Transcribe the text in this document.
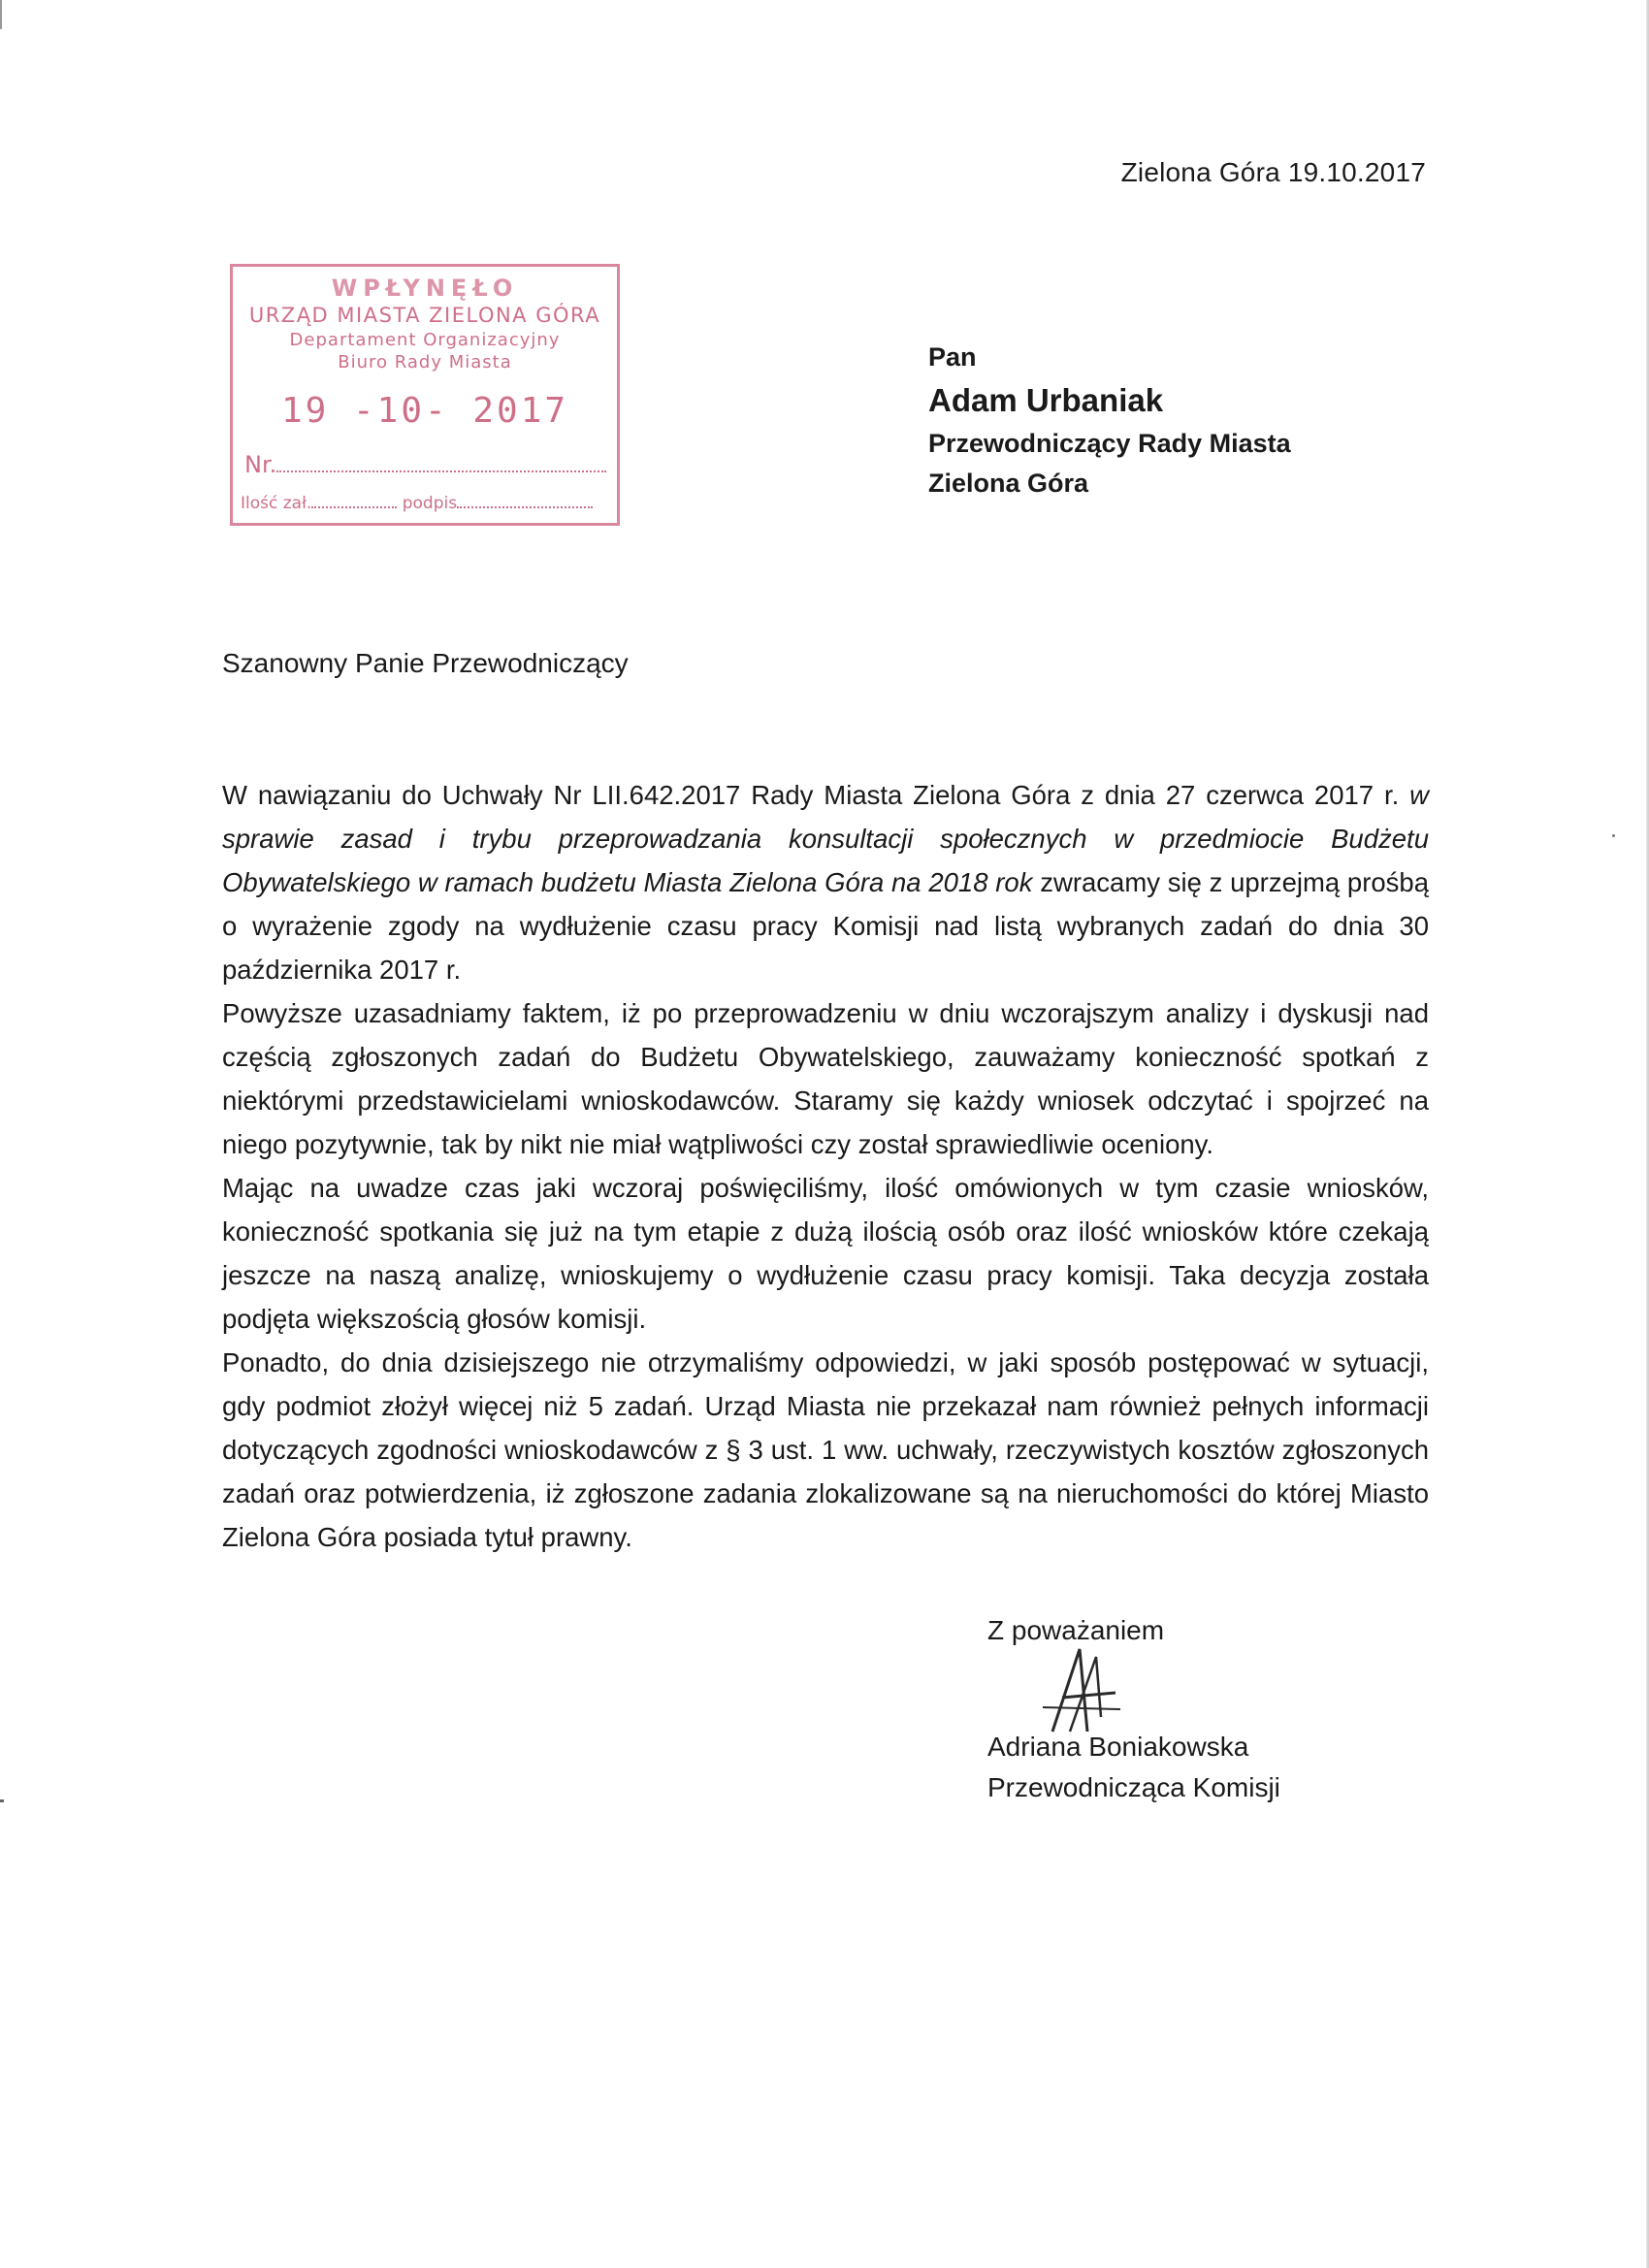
Zielona Góra 19.10.2017
WPŁYNĘŁO
URZĄD MIASTA ZIELONA GÓRA
Departament Organizacyjny
Biuro Rady Miasta
19 -10- 2017
Nr.
Ilość zał.	podpis
Pan
Adam Urbaniak
Przewodniczący Rady Miasta
Zielona Góra
Szanowny Panie Przewodniczący

W nawiązaniu do Uchwały Nr LII.642.2017 Rady Miasta Zielona Góra z dnia 27 czerwca 2017 r. w sprawie zasad i trybu przeprowadzania konsultacji społecznych w przedmiocie Budżetu Obywatelskiego w ramach budżetu Miasta Zielona Góra na 2018 rok zwracamy się z uprzejmą prośbą o wyrażenie zgody na wydłużenie czasu pracy Komisji nad listą wybranych zadań do dnia 30 października 2017 r.

Powyższe uzasadniamy faktem, iż po przeprowadzeniu w dniu wczorajszym analizy i dyskusji nad częścią zgłoszonych zadań do Budżetu Obywatelskiego, zauważamy konieczność spotkań z niektórymi przedstawicielami wnioskodawców. Staramy się każdy wniosek odczytać i spojrzeć na niego pozytywnie, tak by nikt nie miał wątpliwości czy został sprawiedliwie oceniony.

Mając na uwadze czas jaki wczoraj poświęciliśmy, ilość omówionych w tym czasie wniosków, konieczność spotkania się już na tym etapie z dużą ilością osób oraz ilość wniosków które czekają jeszcze na naszą analizę, wnioskujemy o wydłużenie czasu pracy komisji. Taka decyzja została podjęta większością głosów komisji.

Ponadto, do dnia dzisiejszego nie otrzymaliśmy odpowiedzi, w jaki sposób postępować w sytuacji, gdy podmiot złożył więcej niż 5 zadań. Urząd Miasta nie przekazał nam również pełnych informacji dotyczących zgodności wnioskodawców z § 3 ust. 1 ww. uchwały, rzeczywistych kosztów zgłoszonych zadań oraz potwierdzenia, iż zgłoszone zadania zlokalizowane są na nieruchomości do której Miasto Zielona Góra posiada tytuł prawny.

Z poważaniem
Adriana Boniakowska
Przewodnicząca Komisji
